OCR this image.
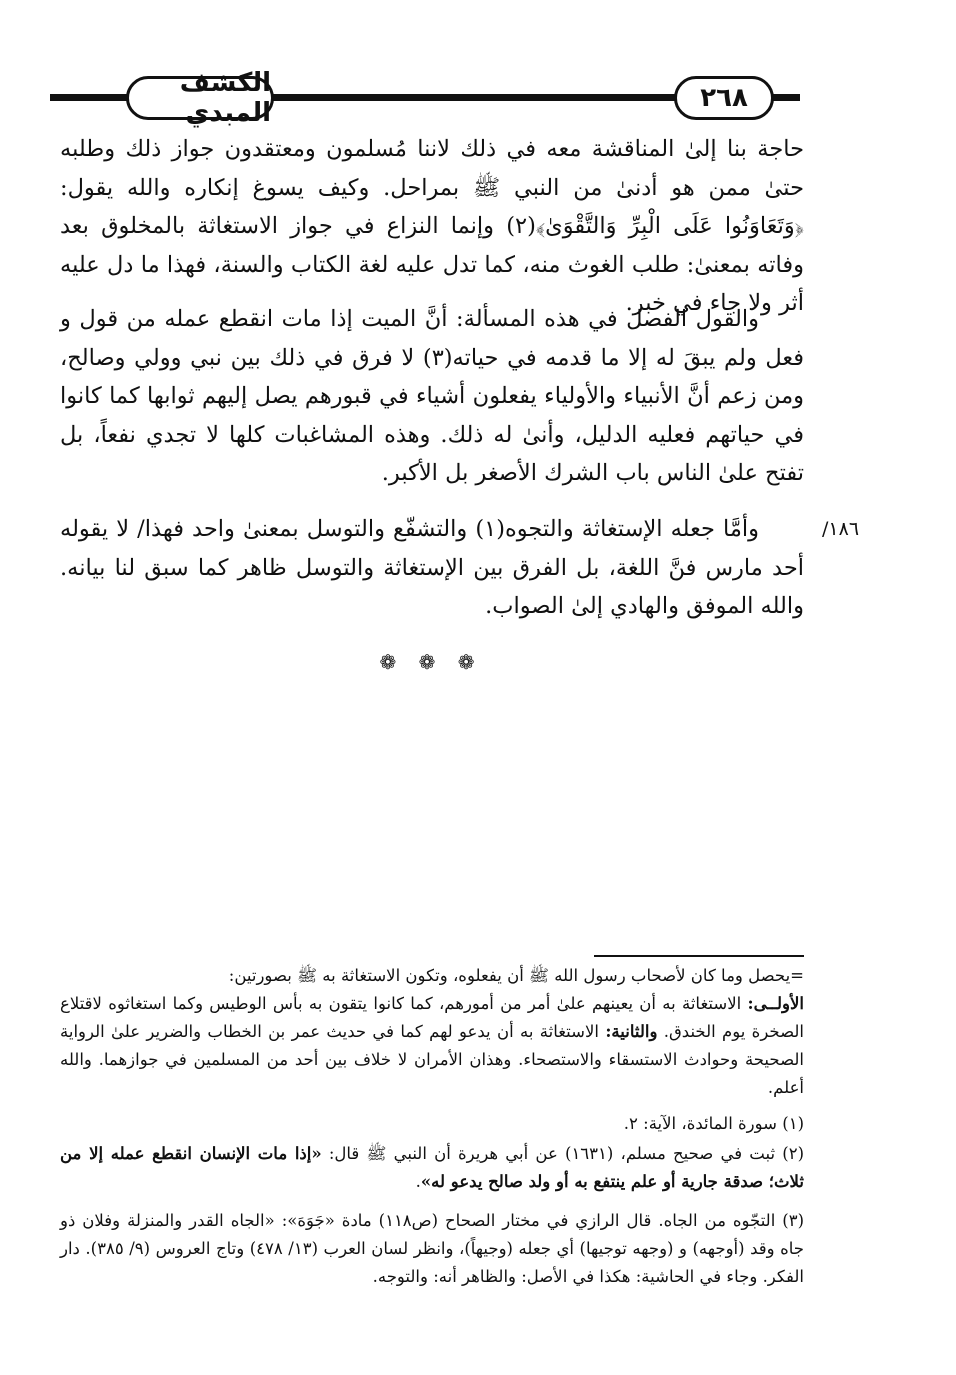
الكشف المبدي	٢٦٨
حاجة بنا إلىٰ المناقشة معه في ذلك لاننا مُسلمون ومعتقدون جواز ذلك وطلبه حتىٰ ممن هو أدنىٰ من النبي ﷺ بمراحل. وكيف يسوغ إنكاره والله يقول: ﴿وَتَعَاوَنُوا عَلَى الْبِرِّ وَالتَّقْوَىٰ﴾(٢) وإنما النزاع في جواز الاستغاثة بالمخلوق بعد وفاته بمعنىٰ: طلب الغوث منه، كما تدل عليه لغة الكتاب والسنة، فهذا ما دل عليه أثر ولا جاء في خبر.
والقول الفصل في هذه المسألة: أنَّ الميت إذا مات انقطع عمله من قول و فعل ولم يبقَ له إلا ما قدمه في حياته(٣) لا فرق في ذلك بين نبي وولي وصالح، ومن زعم أنَّ الأنبياء والأولياء يفعلون أشياء في قبورهم يصل إليهم ثوابها كما كانوا في حياتهم فعليه الدليل، وأنىٰ له ذلك. وهذه المشاغبات كلها لا تجدي نفعاً، بل تفتح علىٰ الناس باب الشرك الأصغر بل الأكبر.
وأمَّا جعله الإستغاثة والتجوه(١) والتشفّع والتوسل بمعنىٰ واحد فهذا/ لا يقوله أحد مارس فنَّ اللغة، بل الفرق بين الإستغاثة والتوسل ظاهر كما سبق لنا بيانه. والله الموفق والهادي إلىٰ الصواب.
/١٨٦
❁ ❁ ❁
=يحصل وما كان لأصحاب رسول الله ﷺ أن يفعلوه، وتكون الاستغاثة به ﷺ بصورتين:
الأولــى: الاستغاثة به أن يعينهم علىٰ أمر من أمورهم، كما كانوا يتقون به بأس الوطيس وكما استغاثوه لاقتلاع الصخرة يوم الخندق. والثانية: الاستغاثة به أن يدعو لهم كما في حديث عمر بن الخطاب والضرير علىٰ الرواية الصحيحة وحوادث الاستسقاء والاستصحاء. وهذان الأمران لا خلاف بين أحد من المسلمين في جوازهما. والله أعلم.
(١) سورة المائدة، الآية: ٢.
(٢) ثبت في صحيح مسلم، (١٦٣١) عن أبي هريرة أن النبي ﷺ قال: «إذا مات الإنسان انقطع عمله إلا من ثلاث؛ صدقة جارية أو علم ينتفع به أو ولد صالح يدعو له».
(٣) التجّوه من الجاه. قال الرازي في مختار الصحاح (ص١١٨) مادة «جَوَهَ»: «الجاه القدر والمنزلة وفلان ذو جاه وقد (أوجهه) و (وجهه توجيها) أي جعله (وجيهاً)، وانظر لسان العرب (١٣/ ٤٧٨) وتاج العروس (٩/ ٣٨٥). دار الفكر. وجاء في الحاشية: هكذا في الأصل: والظاهر أنه: والتوجه.
